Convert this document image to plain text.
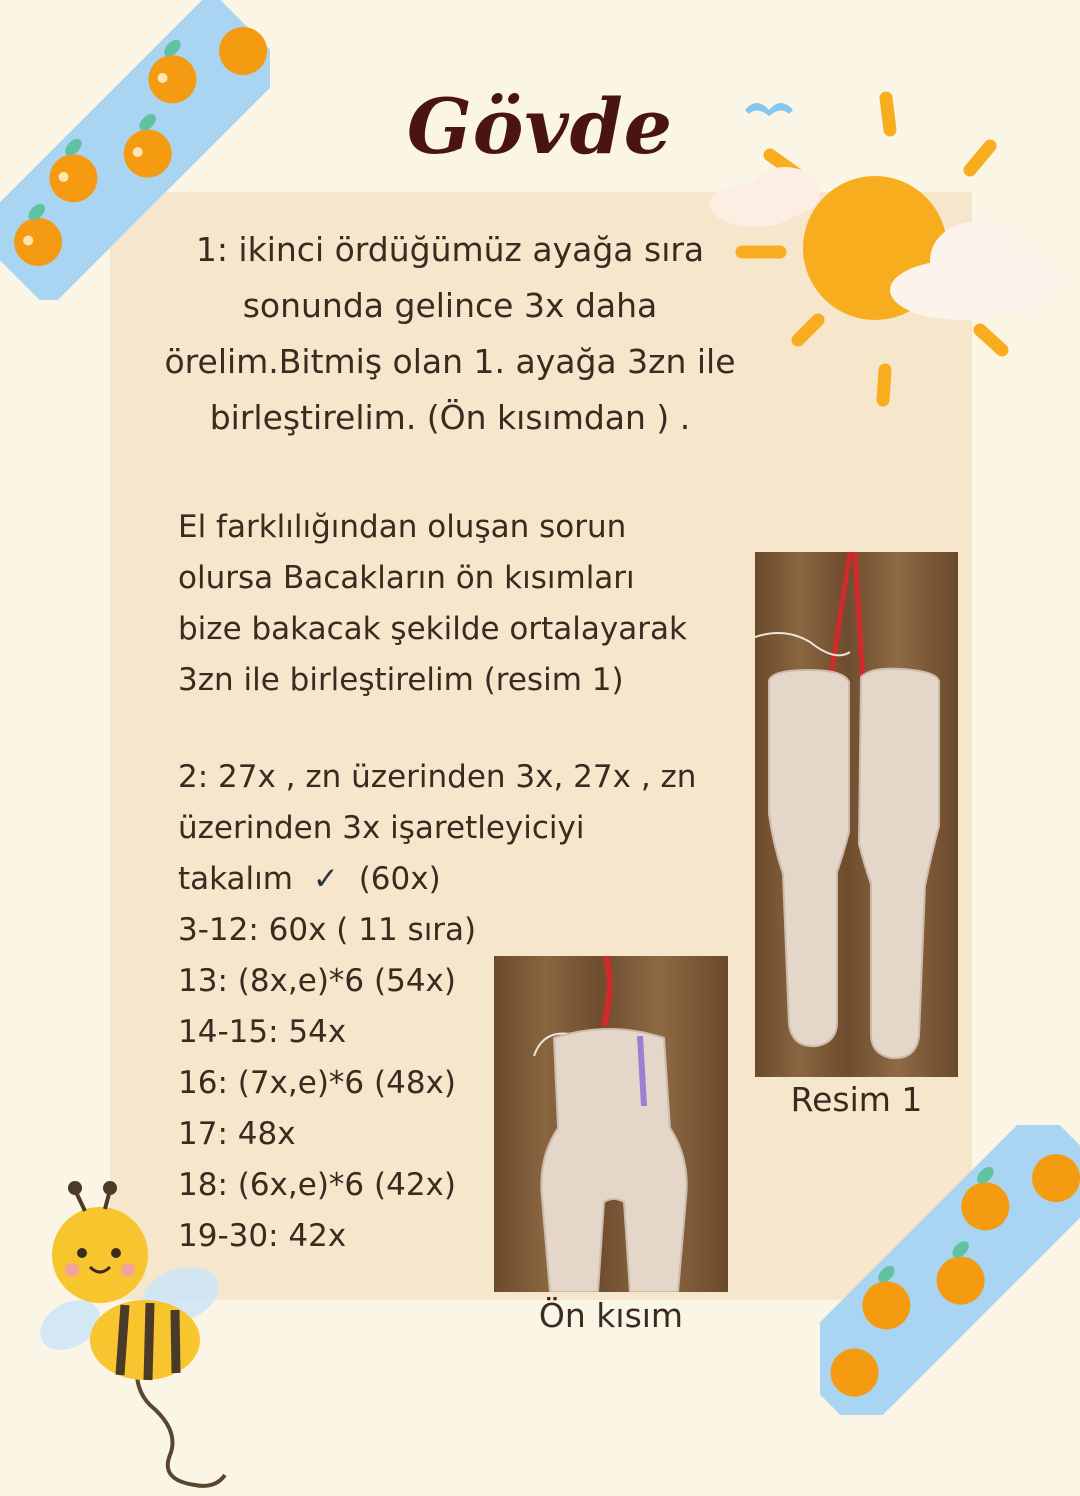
Gövde

1: ikinci ördüğümüz ayağa sıra

sonunda gelince 3x daha

örelim.Bitmiş olan 1. ayağa 3zn ile

birleştirelim. (Ön kısımdan ) .

El farklılığından oluşan sorun

olursa Bacakların ön kısımları

bize bakacak şekilde ortalayarak

3zn ile birleştirelim (resim 1)

2: 27x , zn üzerinden 3x, 27x , zn

üzerinden 3x işaretleyiciyi

takalım ✓ (60x)

3-12: 60x ( 11 sıra)

13: (8x,e)*6 (54x)

14-15: 54x

16: (7x,e)*6 (48x)

17: 48x

18: (6x,e)*6 (42x)

19-30: 42x

Resim 1
Ön kısım
